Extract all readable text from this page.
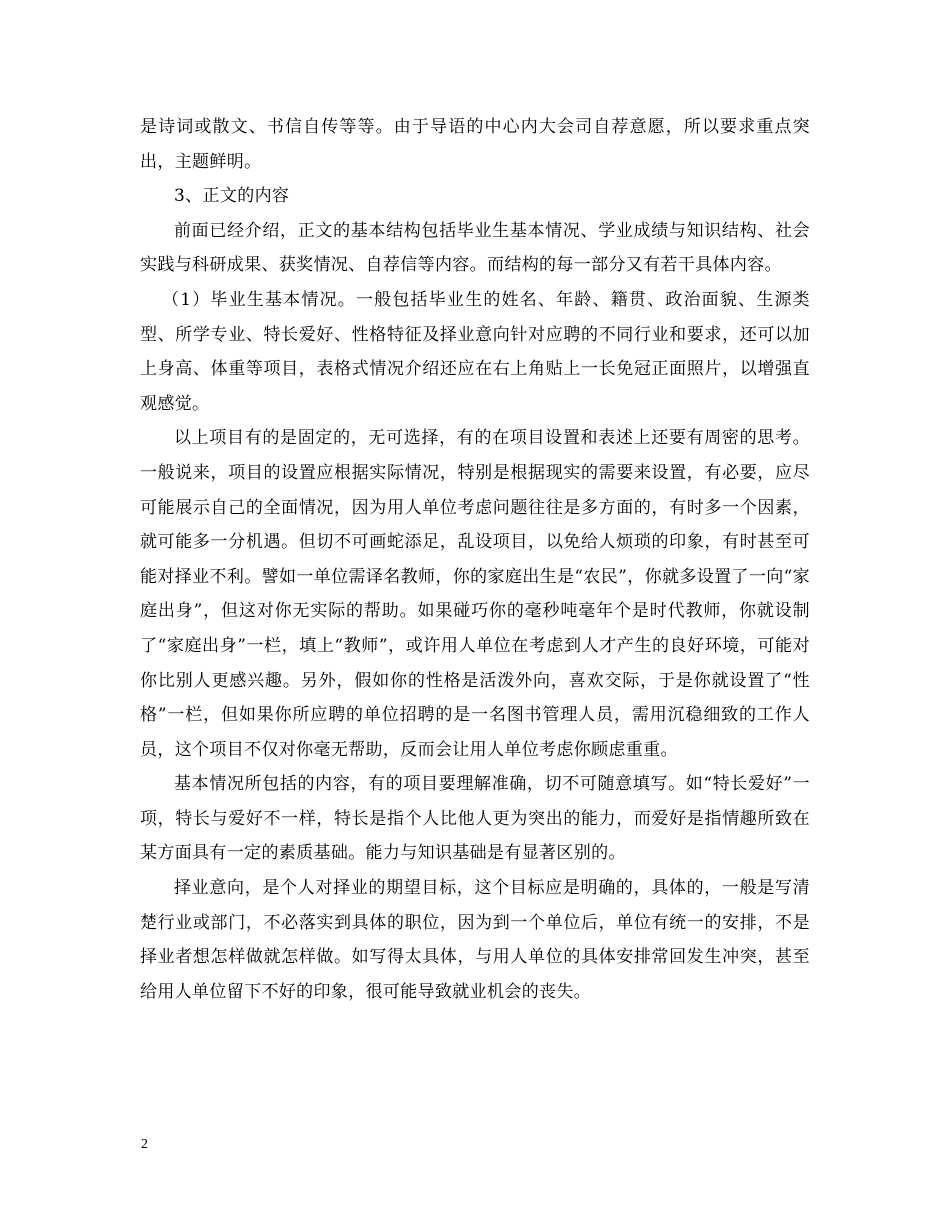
是诗词或散文、书信自传等等。由于导语的中心内大会司自荐意愿，所以要求重点突出，主题鲜明。

3、正文的内容

前面已经介绍，正文的基本结构包括毕业生基本情况、学业成绩与知识结构、社会实践与科研成果、获奖情况、自荐信等内容。而结构的每一部分又有若干具体内容。

（1）毕业生基本情况。一般包括毕业生的姓名、年龄、籍贯、政治面貌、生源类型、所学专业、特长爱好、性格特征及择业意向针对应聘的不同行业和要求，还可以加上身高、体重等项目，表格式情况介绍还应在右上角贴上一长免冠正面照片，以增强直观感觉。

以上项目有的是固定的，无可选择，有的在项目设置和表述上还要有周密的思考。一般说来，项目的设置应根据实际情况，特别是根据现实的需要来设置，有必要，应尽可能展示自己的全面情况，因为用人单位考虑问题往往是多方面的，有时多一个因素，就可能多一分机遇。但切不可画蛇添足，乱设项目，以免给人烦琐的印象，有时甚至可能对择业不利。譬如一单位需译名教师，你的家庭出生是“农民”，你就多设置了一向“家庭出身”，但这对你无实际的帮助。如果碰巧你的毫秒吨毫年个是时代教师，你就设制了“家庭出身”一栏，填上“教师”，或许用人单位在考虑到人才产生的良好环境，可能对你比别人更感兴趣。另外，假如你的性格是活泼外向，喜欢交际，于是你就设置了“性格”一栏，但如果你所应聘的单位招聘的是一名图书管理人员，需用沉稳细致的工作人员，这个项目不仅对你毫无帮助，反而会让用人单位考虑你顾虑重重。

基本情况所包括的内容，有的项目要理解准确，切不可随意填写。如“特长爱好”一项，特长与爱好不一样，特长是指个人比他人更为突出的能力，而爱好是指情趣所致在某方面具有一定的素质基础。能力与知识基础是有显著区别的。

择业意向，是个人对择业的期望目标，这个目标应是明确的，具体的，一般是写清楚行业或部门，不必落实到具体的职位，因为到一个单位后，单位有统一的安排，不是择业者想怎样做就怎样做。如写得太具体，与用人单位的具体安排常回发生冲突，甚至给用人单位留下不好的印象，很可能导致就业机会的丧失。

2
